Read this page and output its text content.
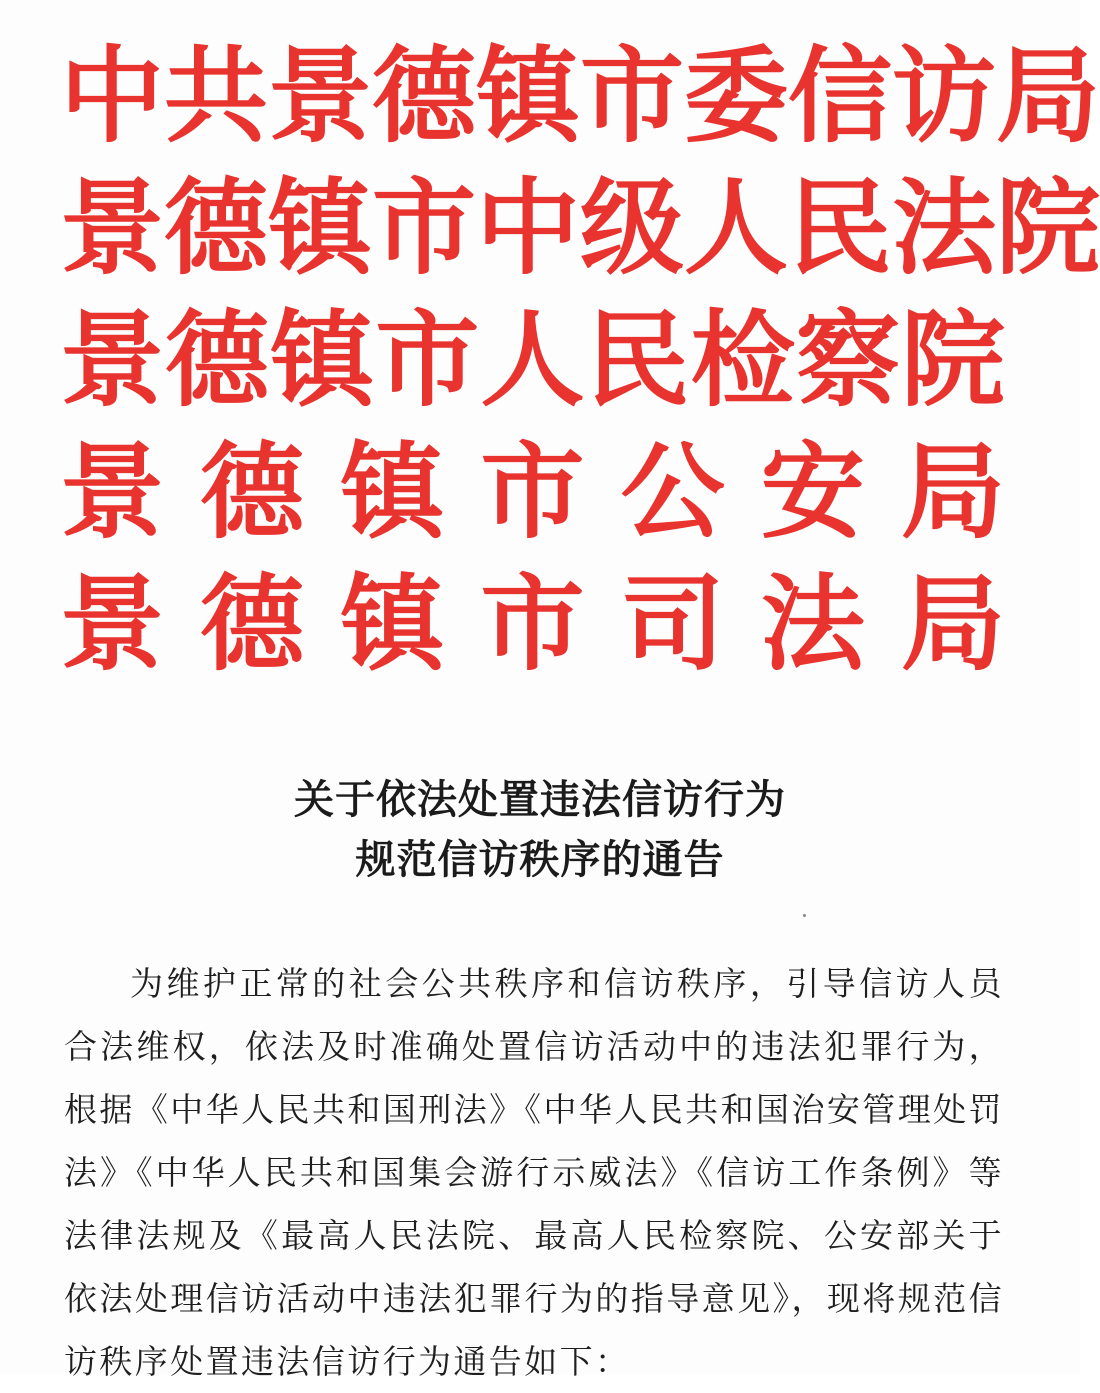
中 共 景 德 镇 市 委 信 访 局
景 德 镇 市 中 级 人 民 法 院
景 德 镇 市 人 民 检 察 院
景 德 镇 市 公 安 局
景 德 镇 市 司 法 局
关于依法处置违法信访行为
规范信访秩序的通告
为维护正常的社会公共秩序和信访秩序，引导信访人员合法维权，依法及时准确处置信访活动中的违法犯罪行为，根据《中华人民共和国刑法》《中华人民共和国治安管理处罚法》《中华人民共和国集会游行示威法》《信访工作条例》等法律法规及《最高人民法院、最高人民检察院、公安部关于依法处理信访活动中违法犯罪行为的指导意见》，现将规范信访秩序处置违法信访行为通告如下：
